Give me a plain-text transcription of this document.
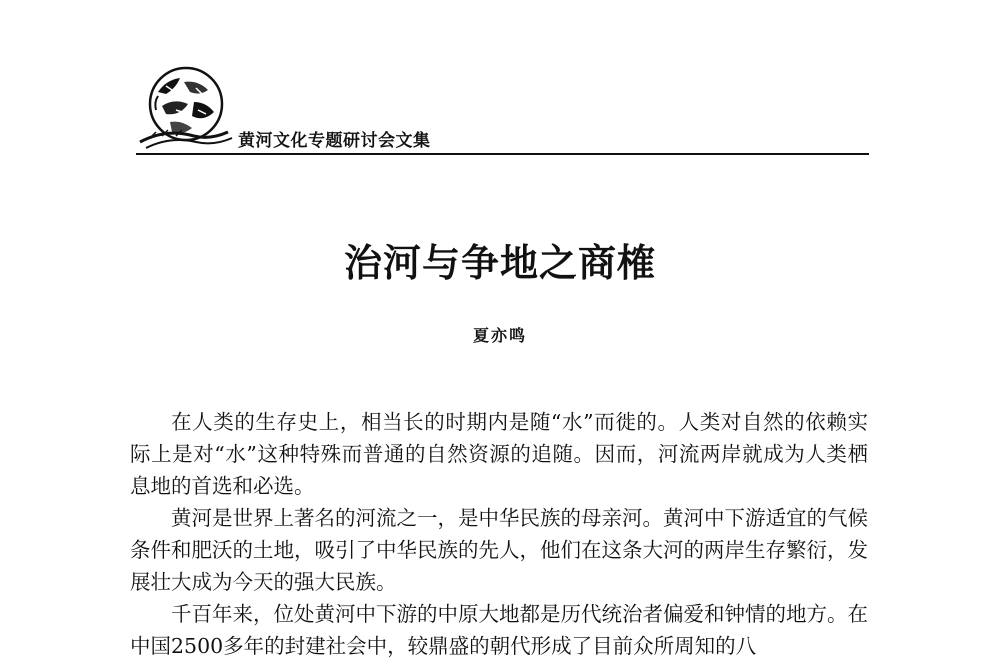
黄河文化专题研讨会文集
治河与争地之商榷
夏亦鸣

在人类的生存史上，相当长的时期内是随“水”而徙的。人类对自然的依赖实际上是对“水”这种特殊而普通的自然资源的追随。因而，河流两岸就成为人类栖息地的首选和必选。

黄河是世界上著名的河流之一，是中华民族的母亲河。黄河中下游适宜的气候条件和肥沃的土地，吸引了中华民族的先人，他们在这条大河的两岸生存繁衍，发展壮大成为今天的强大民族。

千百年来，位处黄河中下游的中原大地都是历代统治者偏爱和钟情的地方。在中国2500多年的封建社会中，较鼎盛的朝代形成了目前众所周知的八
